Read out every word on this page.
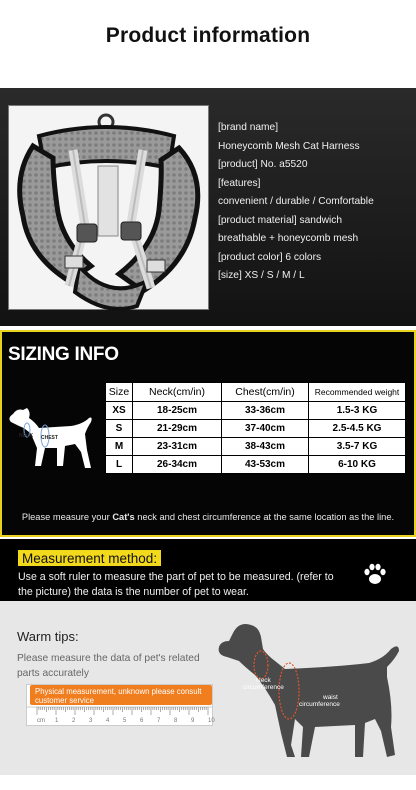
Product information
[brand name]
Honeycomb Mesh Cat Harness
[product] No. a5520
[features]
convenient / durable / Comfortable
[product material] sandwich
breathable + honeycomb mesh
[product color] 6 colors
[size] XS / S / M / L
SIZING INFO
NECK CHEST
Size	Neck(cm/in)	Chest(cm/in)	Recommended weight
XS	18-25cm	33-36cm	1.5-3 KG
S	21-29cm	37-40cm	2.5-4.5 KG
M	23-31cm	38-43cm	3.5-7 KG
L	26-34cm	43-53cm	6-10 KG
Please measure your Cat's neck and chest circumference at the same location as the line.
Measurement method:
Use a soft ruler to measure the part of pet to be measured. (refer to the picture) the data is the number of pet to wear.
Warm tips:
Please measure the data of pet's related parts accurately
cm 1 2 3 4 5 6 7 8 9 10
Physical measurement, unknown please consult customer service
Neck circumference
waist circumference
